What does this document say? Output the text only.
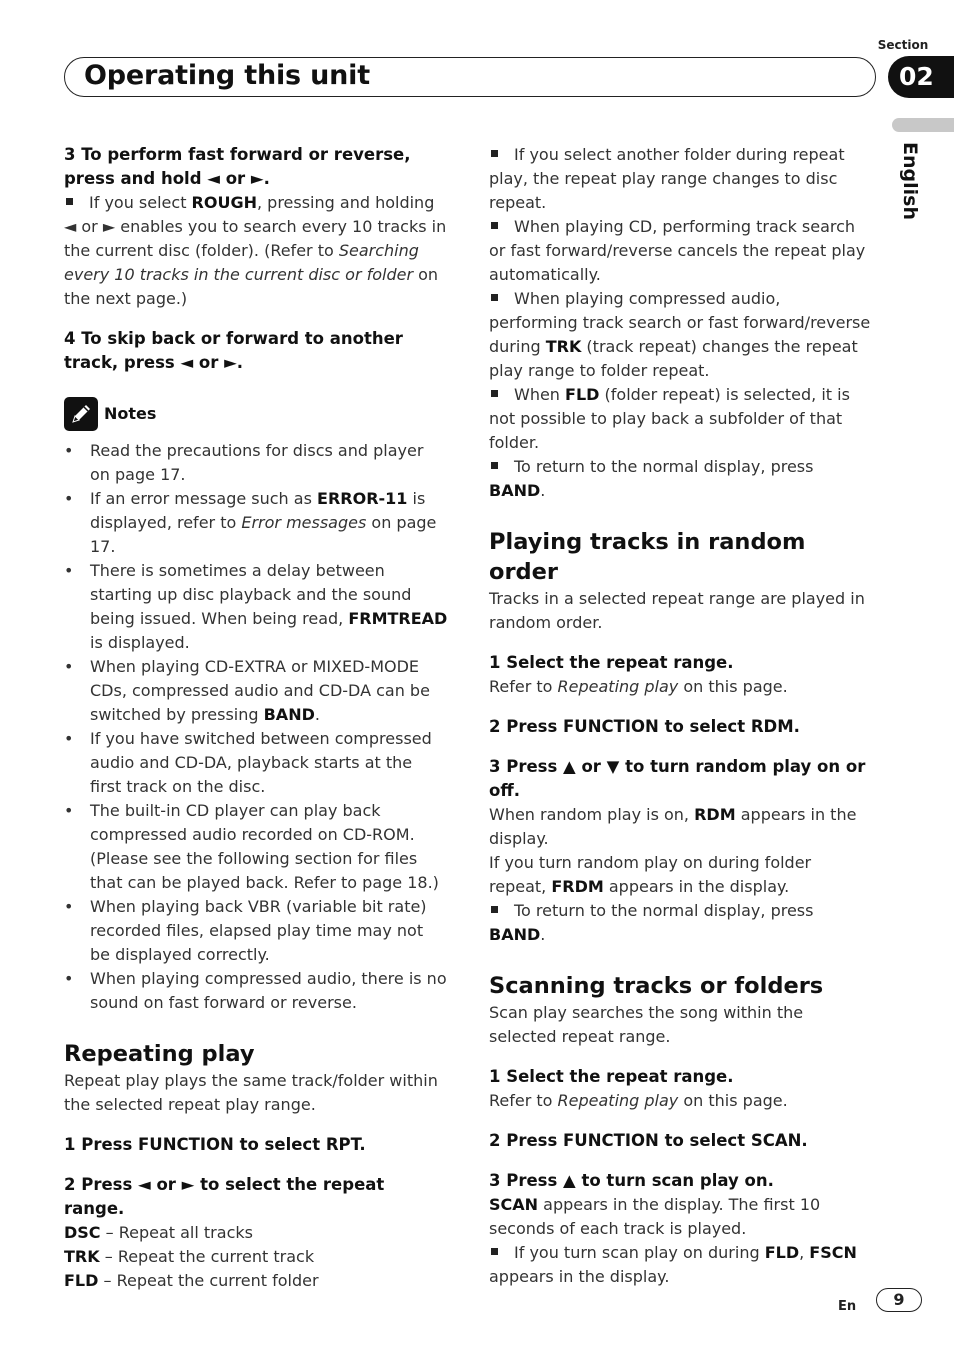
Section
Operating this unit	02
English
3 To perform fast forward or reverse, press and hold ◄ or ►.
If you select ROUGH, pressing and holding ◄ or ► enables you to search every 10 tracks in the current disc (folder). (Refer to Searching every 10 tracks in the current disc or folder on the next page.)
4 To skip back or forward to another track, press ◄ or ►.
Notes
• Read the precautions for discs and player on page 17.
• If an error message such as ERROR-11 is displayed, refer to Error messages on page 17.
• There is sometimes a delay between starting up disc playback and the sound being issued. When being read, FRMTREAD is displayed.
• When playing CD-EXTRA or MIXED-MODE CDs, compressed audio and CD-DA can be switched by pressing BAND.
• If you have switched between compressed audio and CD-DA, playback starts at the first track on the disc.
• The built-in CD player can play back compressed audio recorded on CD-ROM. (Please see the following section for files that can be played back. Refer to page 18.)
• When playing back VBR (variable bit rate) recorded files, elapsed play time may not be displayed correctly.
• When playing compressed audio, there is no sound on fast forward or reverse.
Repeating play
Repeat play plays the same track/folder within the selected repeat play range.
1 Press FUNCTION to select RPT.
2 Press ◄ or ► to select the repeat range.
DSC – Repeat all tracks
TRK – Repeat the current track
FLD – Repeat the current folder
If you select another folder during repeat play, the repeat play range changes to disc repeat.
When playing CD, performing track search or fast forward/reverse cancels the repeat play automatically.
When playing compressed audio, performing track search or fast forward/reverse during TRK (track repeat) changes the repeat play range to folder repeat.
When FLD (folder repeat) is selected, it is not possible to play back a subfolder of that folder.
To return to the normal display, press BAND.
Playing tracks in random order
Tracks in a selected repeat range are played in random order.
1 Select the repeat range.
Refer to Repeating play on this page.
2 Press FUNCTION to select RDM.
3 Press ▲ or ▼ to turn random play on or off.
When random play is on, RDM appears in the display.
If you turn random play on during folder repeat, FRDM appears in the display.
To return to the normal display, press BAND.
Scanning tracks or folders
Scan play searches the song within the selected repeat range.
1 Select the repeat range.
Refer to Repeating play on this page.
2 Press FUNCTION to select SCAN.
3 Press ▲ to turn scan play on.
SCAN appears in the display. The first 10 seconds of each track is played.
If you turn scan play on during FLD, FSCN appears in the display.
En	9
